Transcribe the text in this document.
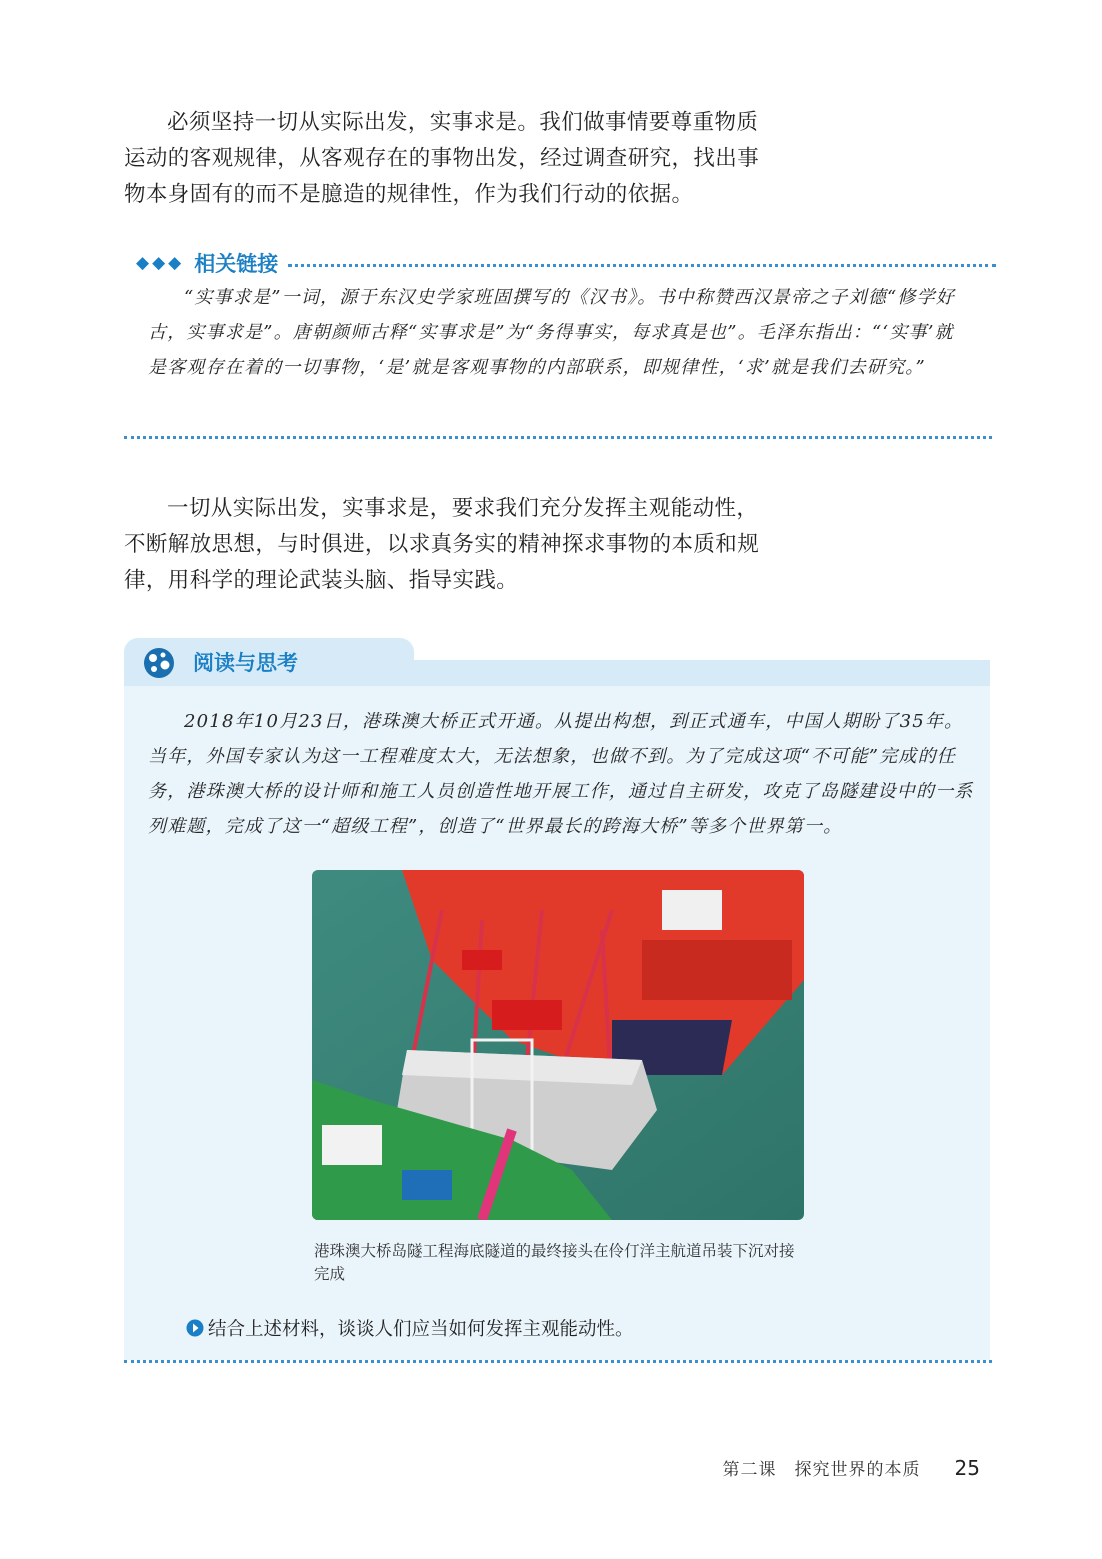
必须坚持一切从实际出发，实事求是。我们做事情要尊重物质运动的客观规律，从客观存在的事物出发，经过调查研究，找出事物本身固有的而不是臆造的规律性，作为我们行动的依据。

◆◆◆ 相关链接

“实事求是”一词，源于东汉史学家班固撰写的《汉书》。书中称赞西汉景帝之子刘德“修学好古，实事求是”。唐朝颜师古释“实事求是”为“务得事实，每求真是也”。毛泽东指出：“‘实事’就是客观存在着的一切事物，‘是’就是客观事物的内部联系，即规律性，‘求’就是我们去研究。”

一切从实际出发，实事求是，要求我们充分发挥主观能动性，不断解放思想，与时俱进，以求真务实的精神探求事物的本质和规律，用科学的理论武装头脑、指导实践。

阅读与思考

2018年10月23日，港珠澳大桥正式开通。从提出构想，到正式通车，中国人期盼了35年。当年，外国专家认为这一工程难度太大，无法想象，也做不到。为了完成这项“不可能”完成的任务，港珠澳大桥的设计师和施工人员创造性地开展工作，通过自主研发，攻克了岛隧建设中的一系列难题，完成了这一“超级工程”，创造了“世界最长的跨海大桥”等多个世界第一。

港珠澳大桥岛隧工程海底隧道的最终接头在伶仃洋主航道吊装下沉对接完成

结合上述材料，谈谈人们应当如何发挥主观能动性。
第二课　探究世界的本质 25
